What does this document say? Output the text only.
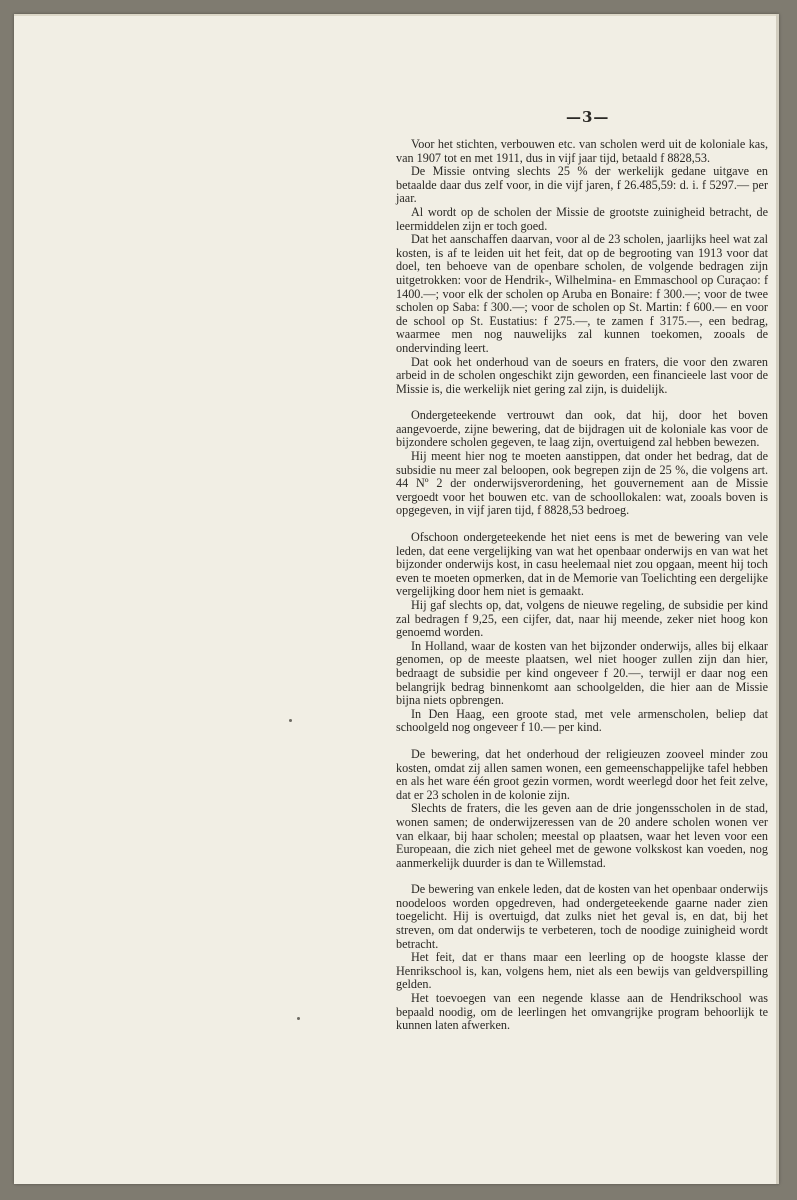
—3—

Voor het stichten, verbouwen etc. van scholen werd uit de koloniale kas, van 1907 tot en met 1911, dus in vijf jaar tijd, betaald f 8828,53.

De Missie ontving slechts 25 % der werkelijk gedane uitgave en betaalde daar dus zelf voor, in die vijf jaren, f 26.485,59: d. i. f 5297.— per jaar.

Al wordt op de scholen der Missie de grootste zuinigheid betracht, de leermiddelen zijn er toch goed.

Dat het aanschaffen daarvan, voor al de 23 scholen, jaarlijks heel wat zal kosten, is af te leiden uit het feit, dat op de begrooting van 1913 voor dat doel, ten behoeve van de openbare scholen, de volgende bedragen zijn uitgetrokken: voor de Hendrik-, Wilhelmina- en Emmaschool op Curaçao: f 1400.—; voor elk der scholen op Aruba en Bonaire: f 300.—; voor de twee scholen op Saba: f 300.—; voor de scholen op St. Martin: f 600.— en voor de school op St. Eustatius: f 275.—, te zamen f 3175.—, een bedrag, waarmee men nog nauwelijks zal kunnen toekomen, zooals de ondervinding leert.

Dat ook het onderhoud van de soeurs en fraters, die voor den zwaren arbeid in de scholen ongeschikt zijn geworden, een financieele last voor de Missie is, die werkelijk niet gering zal zijn, is duidelijk.

Ondergeteekende vertrouwt dan ook, dat hij, door het boven aangevoerde, zijne bewering, dat de bijdragen uit de koloniale kas voor de bijzondere scholen gegeven, te laag zijn, overtuigend zal hebben bewezen.

Hij meent hier nog te moeten aanstippen, dat onder het bedrag, dat de subsidie nu meer zal beloopen, ook begrepen zijn de 25 %, die volgens art. 44 Nº 2 der onderwijsverordening, het gouvernement aan de Missie vergoedt voor het bouwen etc. van de schoollokalen: wat, zooals boven is opgegeven, in vijf jaren tijd, f 8828,53 bedroeg.

Ofschoon ondergeteekende het niet eens is met de bewering van vele leden, dat eene vergelijking van wat het openbaar onderwijs en van wat het bijzonder onderwijs kost, in casu heelemaal niet zou opgaan, meent hij toch even te moeten opmerken, dat in de Memorie van Toelichting een dergelijke vergelijking door hem niet is gemaakt.

Hij gaf slechts op, dat, volgens de nieuwe regeling, de subsidie per kind zal bedragen f 9,25, een cijfer, dat, naar hij meende, zeker niet hoog kon genoemd worden.

In Holland, waar de kosten van het bijzonder onderwijs, alles bij elkaar genomen, op de meeste plaatsen, wel niet hooger zullen zijn dan hier, bedraagt de subsidie per kind ongeveer f 20.—, terwijl er daar nog een belangrijk bedrag binnenkomt aan schoolgelden, die hier aan de Missie bijna niets opbrengen.

In Den Haag, een groote stad, met vele armenscholen, beliep dat schoolgeld nog ongeveer f 10.— per kind.

De bewering, dat het onderhoud der religieuzen zooveel minder zou kosten, omdat zij allen samen wonen, een gemeenschappelijke tafel hebben en als het ware één groot gezin vormen, wordt weerlegd door het feit zelve, dat er 23 scholen in de kolonie zijn.

Slechts de fraters, die les geven aan de drie jongensscholen in de stad, wonen samen; de onderwijzeressen van de 20 andere scholen wonen ver van elkaar, bij haar scholen; meestal op plaatsen, waar het leven voor een Europeaan, die zich niet geheel met de gewone volkskost kan voeden, nog aanmerkelijk duurder is dan te Willemstad.

De bewering van enkele leden, dat de kosten van het openbaar onderwijs noodeloos worden opgedreven, had ondergeteekende gaarne nader zien toegelicht. Hij is overtuigd, dat zulks niet het geval is, en dat, bij het streven, om dat onderwijs te verbeteren, toch de noodige zuinigheid wordt betracht.

Het feit, dat er thans maar een leerling op de hoogste klasse der Henrikschool is, kan, volgens hem, niet als een bewijs van geldverspilling gelden.

Het toevoegen van een negende klasse aan de Hendrikschool was bepaald noodig, om de leerlingen het omvangrijke program behoorlijk te kunnen laten afwerken.
